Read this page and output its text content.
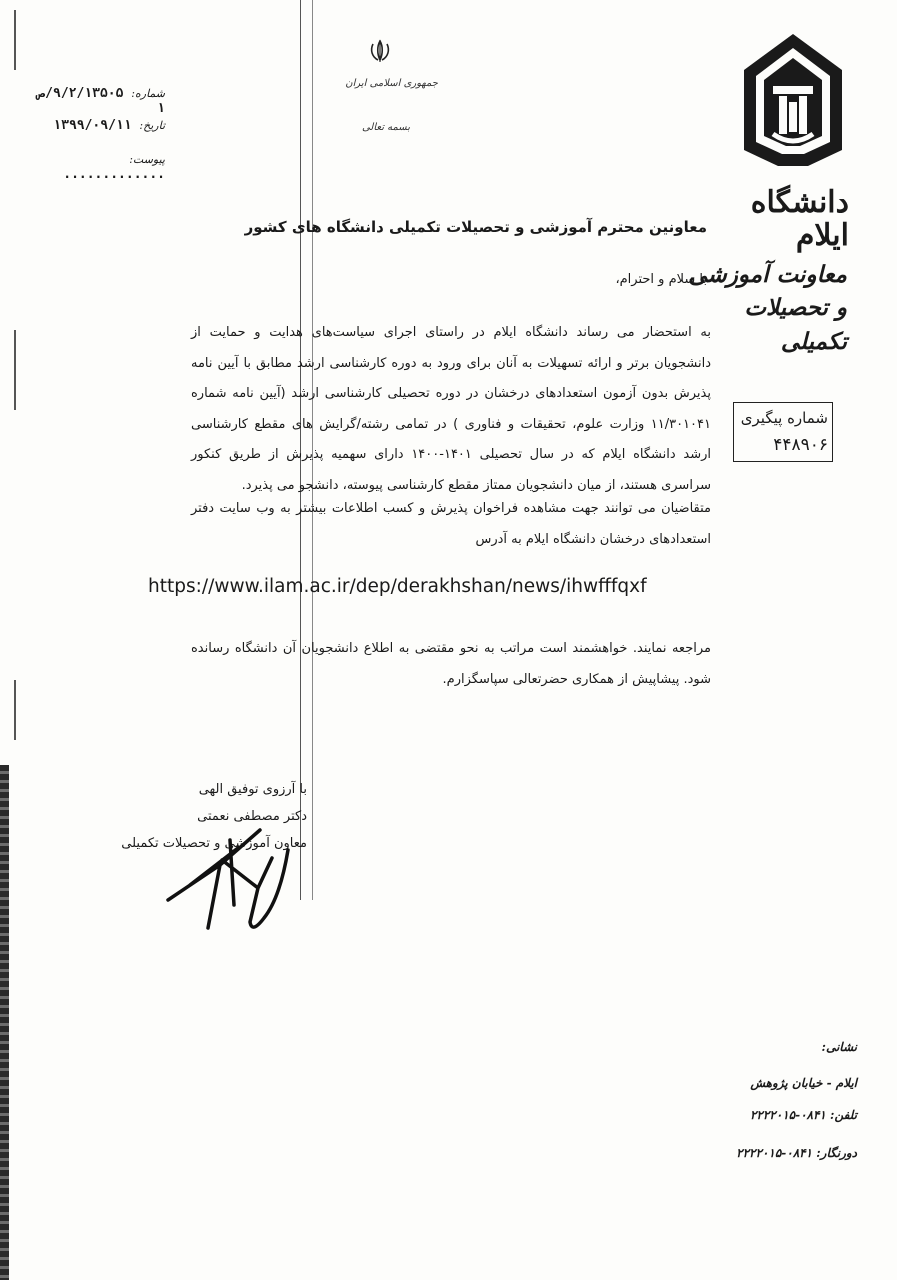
دانشگاه ایلام
معاونت آموزشی و تحصیلات تکمیلی
شماره پیگیری
۴۴۸۹۰۶
جمهوری اسلامی ایران
بسمه تعالی
شماره: ۹/۲/۱۳۵۰۵/ص ۱
تاریخ: ۱۳۹۹/۰۹/۱۱
پیوست: .............
معاونین محترم آموزشی و تحصیلات تکمیلی دانشگاه های کشور
با سلام و احترام،
به استحضار می رساند دانشگاه ایلام در راستای اجرای سیاست‌های هدایت و حمایت از دانشجویان برتر و ارائه تسهیلات به آنان برای ورود به دوره کارشناسی ارشد مطابق با آیین نامه پذیرش بدون آزمون استعدادهای درخشان در دوره تحصیلی کارشناسی ارشد (آیین نامه شماره ۱۱/۳۰۱۰۴۱ وزارت علوم، تحقیقات و فناوری ) در تمامی رشته/گرایش های مقطع کارشناسی ارشد دانشگاه ایلام که در سال تحصیلی ۱۴۰۱-۱۴۰۰ دارای سهمیه پذیرش از طریق کنکور سراسری هستند، از میان دانشجویان ممتاز مقطع کارشناسی پیوسته، دانشجو می پذیرد.
متقاضیان می توانند جهت مشاهده فراخوان پذیرش و کسب اطلاعات بیشتر به وب سایت دفتر استعدادهای درخشان دانشگاه ایلام به آدرس
https://www.ilam.ac.ir/dep/derakhshan/news/ihwfffqxf
مراجعه نمایند. خواهشمند است مراتب به نحو مقتضی به اطلاع دانشجویان آن دانشگاه رسانده شود. پیشاپیش از همکاری حضرتعالی سپاسگزارم.
با آرزوی توفیق الهی
دکتر مصطفی نعمتی
معاون آموزشی و تحصیلات تکمیلی
نشانی:
ایلام - خیابان پژوهش
تلفن: ۰۸۴۱-۲۲۲۲۰۱۵
دورنگار: ۰۸۴۱-۲۲۲۲۰۱۵
